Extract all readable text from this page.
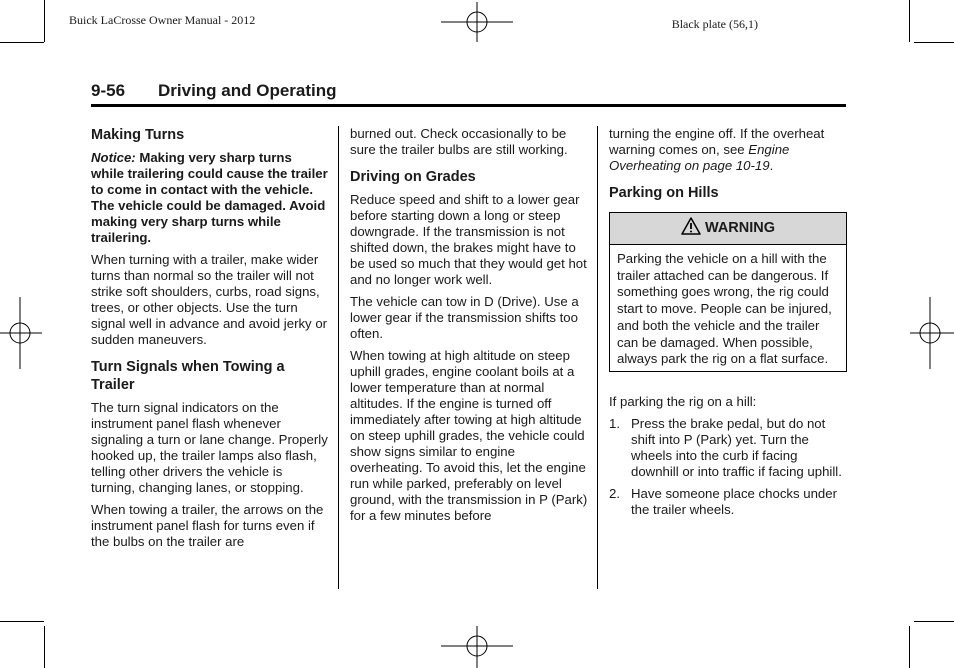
Buick LaCrosse Owner Manual - 2012	Black plate (56,1)
9-56 Driving and Operating
Making Turns

Notice: Making very sharp turns while trailering could cause the trailer to come in contact with the vehicle. The vehicle could be damaged. Avoid making very sharp turns while trailering.

When turning with a trailer, make wider turns than normal so the trailer will not strike soft shoulders, curbs, road signs, trees, or other objects. Use the turn signal well in advance and avoid jerky or sudden maneuvers.

Turn Signals when Towing a Trailer

The turn signal indicators on the instrument panel flash whenever signaling a turn or lane change. Properly hooked up, the trailer lamps also flash, telling other drivers the vehicle is turning, changing lanes, or stopping.

When towing a trailer, the arrows on the instrument panel flash for turns even if the bulbs on the trailer are

burned out. Check occasionally to be sure the trailer bulbs are still working.

Driving on Grades

Reduce speed and shift to a lower gear before starting down a long or steep downgrade. If the transmission is not shifted down, the brakes might have to be used so much that they would get hot and no longer work well.

The vehicle can tow in D (Drive). Use a lower gear if the transmission shifts too often.

When towing at high altitude on steep uphill grades, engine coolant boils at a lower temperature than at normal altitudes. If the engine is turned off immediately after towing at high altitude on steep uphill grades, the vehicle could show signs similar to engine overheating. To avoid this, let the engine run while parked, preferably on level ground, with the transmission in P (Park) for a few minutes before

turning the engine off. If the overheat warning comes on, see Engine Overheating on page 10-19.

Parking on Hills
WARNING
Parking the vehicle on a hill with the trailer attached can be dangerous. If something goes wrong, the rig could start to move. People can be injured, and both the vehicle and the trailer can be damaged. When possible, always park the rig on a flat surface.

If parking the rig on a hill:

1. Press the brake pedal, but do not shift into P (Park) yet. Turn the wheels into the curb if facing downhill or into traffic if facing uphill.
2. Have someone place chocks under the trailer wheels.
